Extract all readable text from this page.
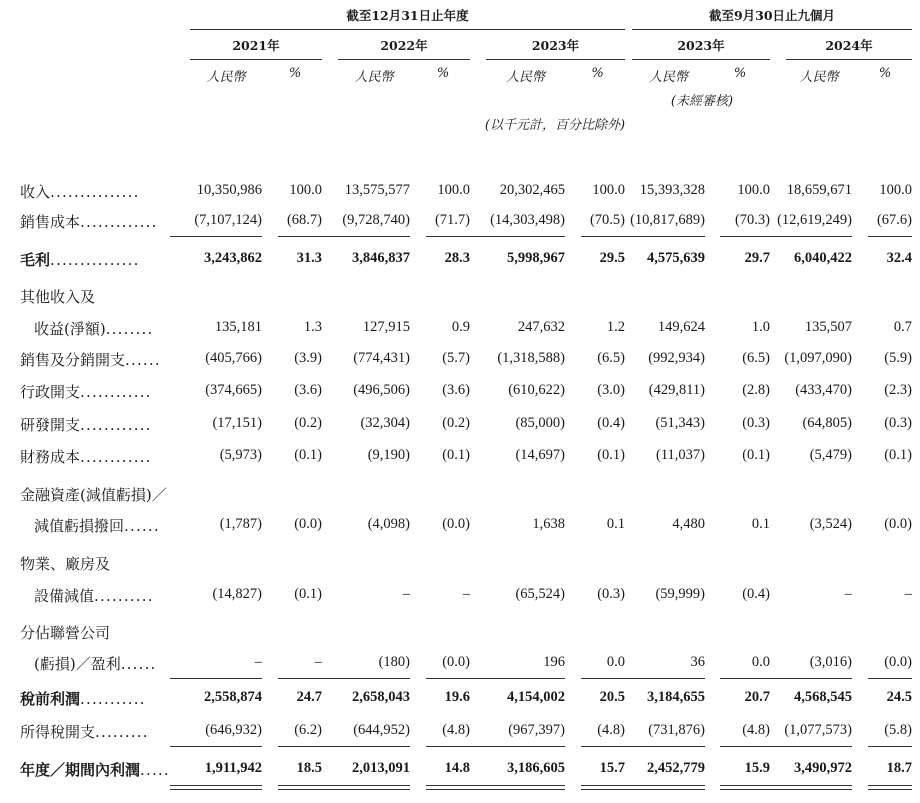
截至12月31日止年度	截至9月30日止九個月
2021年
人民幣	%
2022年
人民幣	%
2023年
人民幣	%
2023年
人民幣	%
2024年
人民幣	%
(未經審核)
(以千元計，百分比除外)
收入...............	10,350,986	100.0	13,575,577	100.0	20,302,465	100.0	15,393,328	100.0	18,659,671	100.0
銷售成本.............	(7,107,124)	(68.7)	(9,728,740)	(71.7)	(14,303,498)	(70.5) (10,817,689)	(70.3) (12,619,249)	(67.6)
毛利...............	3,243,862	31.3	3,846,837	28.3	5,998,967	29.5	4,575,639	29.7	6,040,422	32.4
其他收入及
收益(淨額)........	135,181	1.3	127,915	0.9	247,632	1.2	149,624	1.0	135,507	0.7
銷售及分銷開支......	(405,766)	(3.9)	(774,431)	(5.7)	(1,318,588)	(6.5)	(992,934)	(6.5) (1,097,090)	(5.9)
行政開支............	(374,665)	(3.6)	(496,506)	(3.6)	(610,622)	(3.0)	(429,811)	(2.8)	(433,470)	(2.3)
研發開支............	(17,151)	(0.2)	(32,304)	(0.2)	(85,000)	(0.4)	(51,343)	(0.3)	(64,805)	(0.3)
財務成本............	(5,973)	(0.1)	(9,190)	(0.1)	(14,697)	(0.1)	(11,037)	(0.1)	(5,479)	(0.1)
金融資產(減值虧損)／
減值虧損撥回......	(1,787)	(0.0)	(4,098)	(0.0)	1,638	0.1	4,480	0.1	(3,524)	(0.0)
物業、廠房及
設備減值..........	(14,827)	(0.1)	–	–	(65,524)	(0.3)	(59,999)	(0.4)	–	–
分佔聯營公司
(虧損)／盈利......	–	–	(180)	(0.0)	196	0.0	36	0.0	(3,016)	(0.0)
稅前利潤...........	2,558,874	24.7	2,658,043	19.6	4,154,002	20.5	3,184,655	20.7	4,568,545	24.5
所得稅開支.........	(646,932)	(6.2)	(644,952)	(4.8)	(967,397)	(4.8)	(731,876)	(4.8) (1,077,573)	(5.8)
年度／期間內利潤.....	1,911,942	18.5	2,013,091	14.8	3,186,605	15.7	2,452,779	15.9	3,490,972	18.7
